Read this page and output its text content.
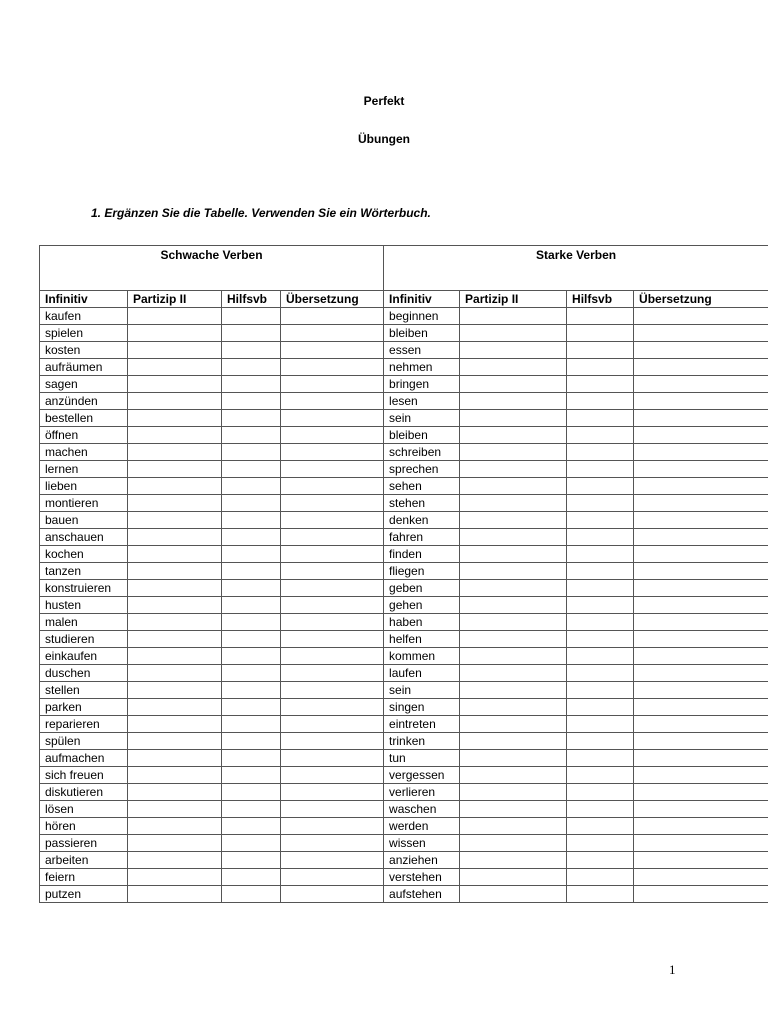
Perfekt
Übungen
1. Ergänzen Sie die Tabelle. Verwenden Sie ein Wörterbuch.
Schwache Verben				Starke Verben			
Infinitiv	Partizip II	Hilfsvb	Übersetzung	Infinitiv	Partizip II	Hilfsvb	Übersetzung
kaufen				beginnen			
spielen				bleiben			
kosten				essen			
aufräumen				nehmen			
sagen				bringen			
anzünden				lesen			
bestellen				sein			
öffnen				bleiben			
machen				schreiben			
lernen				sprechen			
lieben				sehen			
montieren				stehen			
bauen				denken			
anschauen				fahren			
kochen				finden			
tanzen				fliegen			
konstruieren				geben			
husten				gehen			
malen				haben			
studieren				helfen			
einkaufen				kommen			
duschen				laufen			
stellen				sein			
parken				singen			
reparieren				eintreten			
spülen				trinken			
aufmachen				tun			
sich freuen				vergessen			
diskutieren				verlieren			
lösen				waschen			
hören				werden			
passieren				wissen			
arbeiten				anziehen			
feiern				verstehen			
putzen				aufstehen			
1
